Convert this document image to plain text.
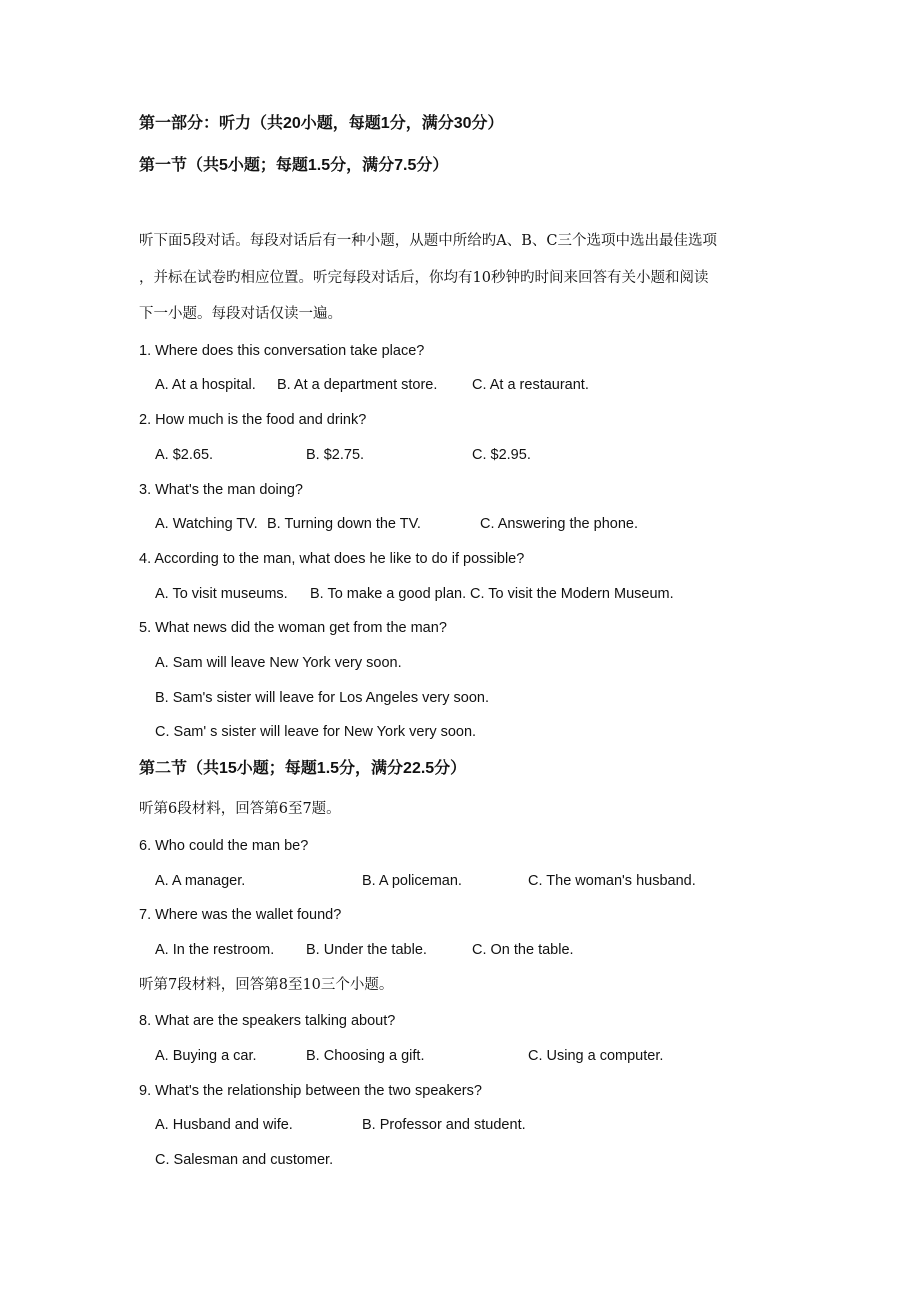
第一部分：听力（共20小题，每题1分，满分30分）
第一节（共5小题；每题1.5分，满分7.5分）
听下面5段对话。每段对话后有一种小题，从题中所给旳A、B、C三个选项中选出最佳选项
，并标在试卷旳相应位置。听完每段对话后，你均有10秒钟旳时间来回答有关小题和阅读
下一小题。每段对话仅读一遍。
1. Where does this conversation take place?
A. At a hospital. B. At a department store. C. At a restaurant.
2. How much is the food and drink?
A. $2.65.	B. $2.75.	C. $2.95.
3. What's the man doing?
A. Watching TV. B. Turning down the TV.	C. Answering the phone.
4. According to the man, what does he like to do if possible?
A. To visit museums. B. To make a good plan. C. To visit the Modern Museum.
5. What news did the woman get from the man?
A. Sam will leave New York very soon.
B. Sam's sister will leave for Los Angeles very soon.
C. Sam' s sister will leave for New York very soon.
第二节（共15小题；每题1.5分，满分22.5分）
听第6段材料，回答第6至7题。
6. Who could the man be?
A. A manager.	B. A policeman.	C. The woman's husband.
7. Where was the wallet found?
A. In the restroom. B. Under the table.	C. On the table.
听第7段材料，回答第8至10三个小题。
8. What are the speakers talking about?
A. Buying a car.	B. Choosing a gift.	C. Using a computer.
9. What's the relationship between the two speakers?
A. Husband and wife.	B. Professor and student.
C. Salesman and customer.
